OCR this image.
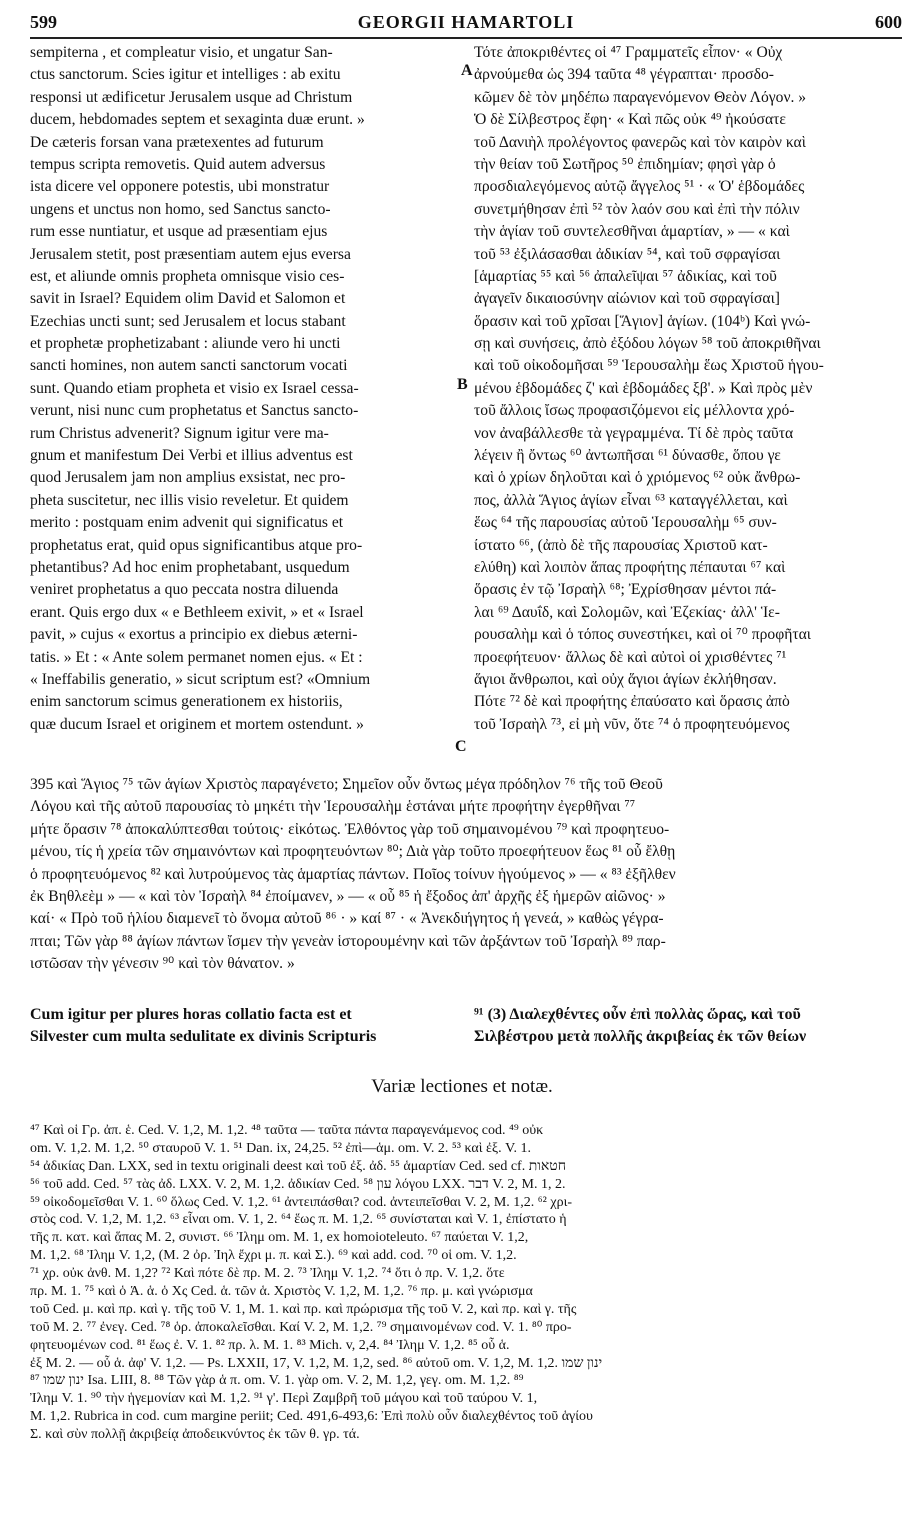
599	GEORGII HAMARTOLI	600
A
B
C
sempiterna , et compleatur visio, et ungatur San-
ctus sanctorum. Scies igitur et intelliges : ab exitu
responsi ut ædificetur Jerusalem usque ad Christum
ducem, hebdomades septem et sexaginta duæ erunt. »
De cæteris forsan vana prætexentes ad futurum
tempus scripta removetis. Quid autem adversus
ista dicere vel opponere potestis, ubi monstratur
ungens et unctus non homo, sed Sanctus sancto-
rum esse nuntiatur, et usque ad præsentiam ejus
Jerusalem stetit, post præsentiam autem ejus eversa
est, et aliunde omnis propheta omnisque visio ces-
savit in Israel? Equidem olim David et Salomon et
Ezechias uncti sunt; sed Jerusalem et locus stabant
et prophetæ prophetizabant : aliunde vero hi uncti
sancti homines, non autem sancti sanctorum vocati
sunt. Quando etiam propheta et visio ex Israel cessa-
verunt, nisi nunc cum prophetatus et Sanctus sancto-
rum Christus advenerit? Signum igitur vere ma-
gnum et manifestum Dei Verbi et illius adventus est
quod Jerusalem jam non amplius exsistat, nec pro-
pheta suscitetur, nec illis visio reveletur. Et quidem
merito : postquam enim advenit qui significatus et
prophetatus erat, quid opus significantibus atque pro-
phetantibus? Ad hoc enim prophetabant, usquedum
veniret prophetatus a quo peccata nostra diluenda
erant. Quis ergo dux « e Bethleem exivit, » et « Israel
pavit, » cujus « exortus a principio ex diebus æterni-
tatis. » Et : « Ante solem permanet nomen ejus. « Et :
« Ineffabilis generatio, » sicut scriptum est? «Omnium
enim sanctorum scimus generationem ex historiis,
quæ ducum Israel et originem et mortem ostendunt. »
Τότε ἀποκριθέντες οἱ ⁴⁷ Γραμματεῖς εἶπον· « Οὐχ
ἀρνούμεθα ὡς 394 ταῦτα ⁴⁸ γέγραπται· προσδο-
κῶμεν δὲ τὸν μηδέπω παραγενόμενον Θεὸν Λόγον. »
Ὁ δὲ Σίλβεστρος ἔφη· « Καὶ πῶς οὐκ ⁴⁹ ἠκούσατε
τοῦ Δανιὴλ προλέγοντος φανερῶς καὶ τὸν καιρὸν καὶ
τὴν θείαν τοῦ Σωτῆρος ⁵⁰ ἐπιδημίαν; φησὶ γὰρ ὁ
προσδιαλεγόμενος αὐτῷ ἄγγελος ⁵¹ · « Ὁ' ἑβδομάδες
συνετμήθησαν ἐπὶ ⁵² τὸν λαόν σου καὶ ἐπὶ τὴν πόλιν
τὴν ἁγίαν τοῦ συντελεσθῆναι ἁμαρτίαν, » — « καὶ
τοῦ ⁵³ ἐξιλάσασθαι ἀδικίαν ⁵⁴, καὶ τοῦ σφραγίσαι
[ἁμαρτίας ⁵⁵ καὶ ⁵⁶ ἀπαλεῖψαι ⁵⁷ ἀδικίας, καὶ τοῦ
ἀγαγεῖν δικαιοσύνην αἰώνιον καὶ τοῦ σφραγίσαι]
ὅρασιν καὶ τοῦ χρῖσαι [Ἅγιον] ἁγίων. (104ᵇ) Καὶ γνώ-
σῃ καὶ συνήσεις, ἀπὸ ἐξόδου λόγων ⁵⁸ τοῦ ἀποκριθῆναι
καὶ τοῦ οἰκοδομῆσαι ⁵⁹ Ἱερουσαλὴμ ἕως Χριστοῦ ἡγου-
μένου ἑβδομάδες ζ' καὶ ἑβδομάδες ξβ'. » Καὶ πρὸς μὲν
τοῦ ἄλλοις ἴσως προφασιζόμενοι εἰς μέλλοντα χρό-
νον ἀναβάλλεσθε τὰ γεγραμμένα. Τί δὲ πρὸς ταῦτα
λέγειν ἢ ὄντως ⁶⁰ ἀντωπῆσαι ⁶¹ δύνασθε, ὅπου γε
καὶ ὁ χρίων δηλοῦται καὶ ὁ χριόμενος ⁶² οὐκ ἄνθρω-
πος, ἀλλὰ Ἅγιος ἁγίων εἶναι ⁶³ καταγγέλλεται, καὶ
ἕως ⁶⁴ τῆς παρουσίας αὐτοῦ Ἱερουσαλὴμ ⁶⁵ συν-
ίστατο ⁶⁶, (ἀπὸ δὲ τῆς παρουσίας Χριστοῦ κατ-
ελύθη) καὶ λοιπὸν ἅπας προφήτης πέπαυται ⁶⁷ καὶ
ὅρασις ἐν τῷ Ἰσραὴλ ⁶⁸; Ἐχρίσθησαν μέντοι πά-
λαι ⁶⁹ Δαυΐδ, καὶ Σολομῶν, καὶ Ἐζεκίας· ἀλλ' Ἱε-
ρουσαλὴμ καὶ ὁ τόπος συνεστήκει, καὶ οἱ ⁷⁰ προφῆται
προεφήτευον· ἄλλως δὲ καὶ αὐτοὶ οἱ χρισθέντες ⁷¹
ἅγιοι ἄνθρωποι, καὶ οὐχ ἅγιοι ἁγίων ἐκλήθησαν.
Πότε ⁷² δὲ καὶ προφήτης ἐπαύσατο καὶ ὅρασις ἀπὸ
τοῦ Ἰσραὴλ ⁷³, εἰ μὴ νῦν, ὅτε ⁷⁴ ὁ προφητευόμενος
395 καὶ Ἅγιος ⁷⁵ τῶν ἁγίων Χριστὸς παραγένετο; Σημεῖον οὖν ὄντως μέγα πρόδηλον ⁷⁶ τῆς τοῦ Θεοῦ
Λόγου καὶ τῆς αὐτοῦ παρουσίας τὸ μηκέτι τὴν Ἱερουσαλὴμ ἑστάναι μήτε προφήτην ἐγερθῆναι ⁷⁷
μήτε ὅρασιν ⁷⁸ ἀποκαλύπτεσθαι τούτοις· εἰκότως. Ἐλθόντος γὰρ τοῦ σημαινομένου ⁷⁹ καὶ προφητευο-
μένου, τίς ἡ χρεία τῶν σημαινόντων καὶ προφητευόντων ⁸⁰; Διὰ γὰρ τοῦτο προεφήτευον ἕως ⁸¹ οὗ ἔλθῃ
ὁ προφητευόμενος ⁸² καὶ λυτρούμενος τὰς ἁμαρτίας πάντων. Ποῖος τοίνυν ἡγούμενος » — « ⁸³ ἐξῆλθεν
ἐκ Βηθλεὲμ » — « καὶ τὸν Ἰσραὴλ ⁸⁴ ἐποίμανεν, » — « οὗ ⁸⁵ ἡ ἔξοδος ἀπ' ἀρχῆς ἐξ ἡμερῶν αἰῶνος· »
καί· « Πρὸ τοῦ ἡλίου διαμενεῖ τὸ ὄνομα αὐτοῦ ⁸⁶ · » καί ⁸⁷ · « Ἀνεκδιήγητος ἡ γενεά, » καθὼς γέγρα-
πται; Τῶν γὰρ ⁸⁸ ἁγίων πάντων ἴσμεν τὴν γενεὰν ἱστορουμένην καὶ τῶν ἀρξάντων τοῦ Ἰσραὴλ ⁸⁹ παρ-
ιστῶσαν τὴν γένεσιν ⁹⁰ καὶ τὸν θάνατον. »
Cum igitur per plures horas collatio facta est et
Silvester cum multa sedulitate ex divinis Scripturis
⁹¹ (3) Διαλεχθέντες οὖν ἐπὶ πολλὰς ὥρας, καὶ τοῦ
Σιλβέστρου μετὰ πολλῆς ἀκριβείας ἐκ τῶν θείων
Variæ lectiones et notæ.
⁴⁷ Καὶ οἱ Γρ. ἀπ. ἑ. Ced. V. 1,2, M. 1,2. ⁴⁸ ταῦτα — ταῦτα πάντα παραγενάμενος cod. ⁴⁹ οὐκ
om. V. 1,2. M. 1,2. ⁵⁰ σταυροῦ V. 1. ⁵¹ Dan. ix, 24,25. ⁵² ἐπὶ—ἁμ. om. V. 2. ⁵³ καὶ ἐξ. V. 1.
⁵⁴ ἀδικίας Dan. LXX, sed in textu originali deest καὶ τοῦ ἐξ. ἀδ. ⁵⁵ ἁμαρτίαν Ced. sed cf. חטאות
⁵⁶ τοῦ add. Ced. ⁵⁷ τὰς ἀδ. LXX. V. 2, M. 1,2. ἀδικίαν Ced. עון ⁵⁸ λόγου LXX. דבר V. 2, M. 1, 2.
⁵⁹ οἰκοδομεῖσθαι V. 1. ⁶⁰ ὅλως Ced. V. 1,2. ⁶¹ ἀντειπάσθαι? cod. ἀντειπεῖσθαι V. 2, M. 1,2. ⁶² χρι-
στὸς cod. V. 1,2, M. 1,2. ⁶³ εἶναι om. V. 1, 2. ⁶⁴ ἕως π. M. 1,2. ⁶⁵ συνίσταται καὶ V. 1, ἐπίστατο ἡ
τῆς π. κατ. καὶ ἅπας M. 2, συνιστ. ⁶⁶ Ἰλημ om. M. 1, ex homoioteleuto. ⁶⁷ παύεται V. 1,2,
M. 1,2. ⁶⁸ Ἰλημ V. 1,2, (M. 2 ὀρ. Ἰηλ ἔχρι μ. π. καὶ Σ.). ⁶⁹ καὶ add. cod. ⁷⁰ οἱ om. V. 1,2.
⁷¹ χρ. οὐκ ἀνθ. M. 1,2? ⁷² Καὶ πότε δὲ πρ. M. 2. ⁷³ Ἰλημ V. 1,2. ⁷⁴ ὅτι ὁ πρ. V. 1,2. ὅτε
πρ. M. 1. ⁷⁵ καὶ ὁ Ἁ. ἁ. ὁ Χς Ced. ἁ. τῶν ἁ. Χριστὸς V. 1,2, M. 1,2. ⁷⁶ πρ. μ. καὶ γνώρισμα
τοῦ Ced. μ. καὶ πρ. καὶ γ. τῆς τοῦ V. 1, M. 1. καὶ πρ. καὶ πρώρισμα τῆς τοῦ V. 2, καὶ πρ. καὶ γ. τῆς
τοῦ M. 2. ⁷⁷ ἐνεγ. Ced. ⁷⁸ ὁρ. ἀποκαλεῖσθαι. Καί V. 2, M. 1,2. ⁷⁹ σημαινομένων cod. V. 1. ⁸⁰ προ-
φητευομένων cod. ⁸¹ ἕως ἐ. V. 1. ⁸² πρ. λ. M. 1. ⁸³ Mich. v, 2,4. ⁸⁴ Ἰλημ V. 1,2. ⁸⁵ οὗ ἁ.
ἐξ M. 2. — οὗ ἁ. ἀφ' V. 1,2. — Ps. LXXII, 17, V. 1,2, M. 1,2, sed. ⁸⁶ αὐτοῦ om. V. 1,2, M. 1,2. ינון שמו
ינון שמו ⁸⁷ Isa. LIII, 8. ⁸⁸ Τῶν γὰρ ἁ π. om. V. 1. γὰρ om. V. 2, M. 1,2, γεγ. om. M. 1,2. ⁸⁹
Ἰλημ V. 1. ⁹⁰ τὴν ἡγεμονίαν καὶ M. 1,2. ⁹¹ γ'. Περὶ Ζαμβρῆ τοῦ μάγου καὶ τοῦ ταύρου V. 1,
M. 1,2. Rubrica in cod. cum margine periit; Ced. 491,6-493,6: Ἐπὶ πολὺ οὖν διαλεχθέντος τοῦ ἁγίου
Σ. καὶ σὺν πολλῇ ἀκριβείᾳ ἀποδεικνύντος ἐκ τῶν θ. γρ. τά.
